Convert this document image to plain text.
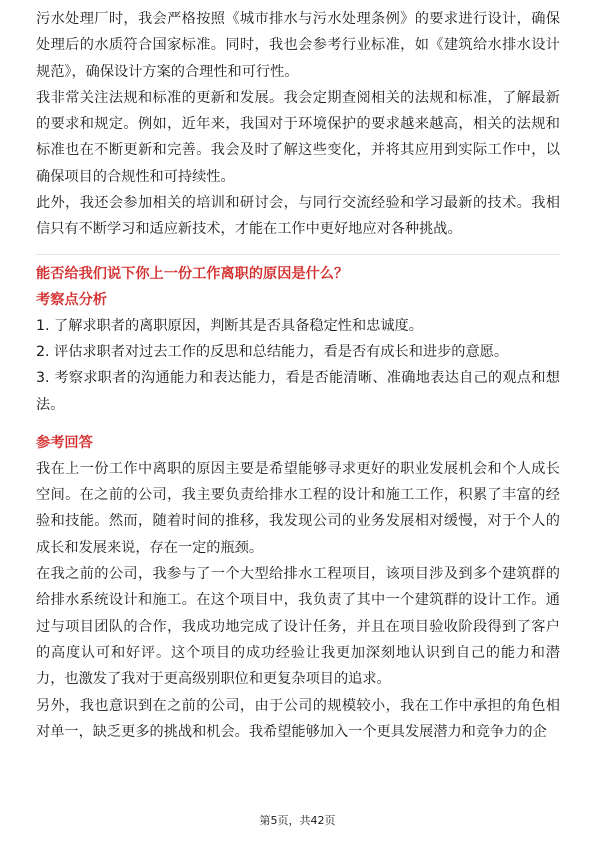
污水处理厂时，我会严格按照《城市排水与污水处理条例》的要求进行设计，确保处理后的水质符合国家标准。同时，我也会参考行业标准，如《建筑给水排水设计规范》，确保设计方案的合理性和可行性。

我非常关注法规和标准的更新和发展。我会定期查阅相关的法规和标准，了解最新的要求和规定。例如，近年来，我国对于环境保护的要求越来越高，相关的法规和标准也在不断更新和完善。我会及时了解这些变化，并将其应用到实际工作中，以确保项目的合规性和可持续性。

此外，我还会参加相关的培训和研讨会，与同行交流经验和学习最新的技术。我相信只有不断学习和适应新技术，才能在工作中更好地应对各种挑战。

能否给我们说下你上一份工作离职的原因是什么？

考察点分析

1. 了解求职者的离职原因，判断其是否具备稳定性和忠诚度。

2. 评估求职者对过去工作的反思和总结能力，看是否有成长和进步的意愿。

3. 考察求职者的沟通能力和表达能力，看是否能清晰、准确地表达自己的观点和想法。

参考回答

我在上一份工作中离职的原因主要是希望能够寻求更好的职业发展机会和个人成长空间。在之前的公司，我主要负责给排水工程的设计和施工工作，积累了丰富的经验和技能。然而，随着时间的推移，我发现公司的业务发展相对缓慢，对于个人的成长和发展来说，存在一定的瓶颈。

在我之前的公司，我参与了一个大型给排水工程项目，该项目涉及到多个建筑群的给排水系统设计和施工。在这个项目中，我负责了其中一个建筑群的设计工作。通过与项目团队的合作，我成功地完成了设计任务，并且在项目验收阶段得到了客户的高度认可和好评。这个项目的成功经验让我更加深刻地认识到自己的能力和潜力，也激发了我对于更高级别职位和更复杂项目的追求。

另外，我也意识到在之前的公司，由于公司的规模较小，我在工作中承担的角色相对单一，缺乏更多的挑战和机会。我希望能够加入一个更具发展潜力和竞争力的企

第5页，共42页
